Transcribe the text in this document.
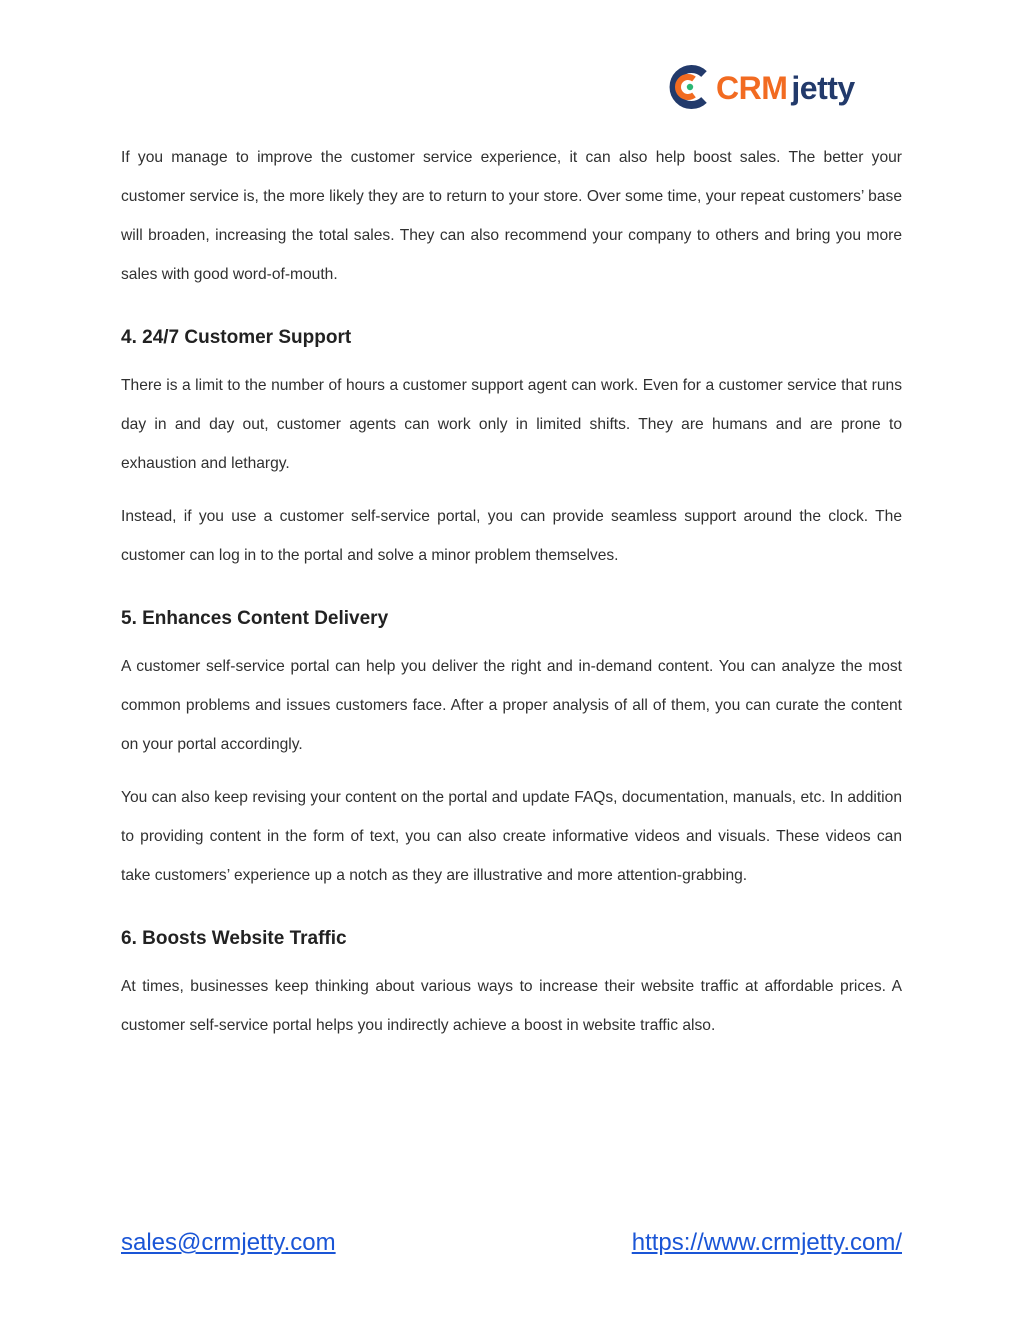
CRM jetty

If you manage to improve the customer service experience, it can also help boost sales. The better your customer service is, the more likely they are to return to your store. Over some time, your repeat customers’ base will broaden, increasing the total sales. They can also recommend your company to others and bring you more sales with good word-of-mouth.

4. 24/7 Customer Support

There is a limit to the number of hours a customer support agent can work. Even for a customer service that runs day in and day out, customer agents can work only in limited shifts. They are humans and are prone to exhaustion and lethargy.

Instead, if you use a customer self-service portal, you can provide seamless support around the clock. The customer can log in to the portal and solve a minor problem themselves.

5. Enhances Content Delivery

A customer self-service portal can help you deliver the right and in-demand content. You can analyze the most common problems and issues customers face. After a proper analysis of all of them, you can curate the content on your portal accordingly.

You can also keep revising your content on the portal and update FAQs, documentation, manuals, etc. In addition to providing content in the form of text, you can also create informative videos and visuals. These videos can take customers’ experience up a notch as they are illustrative and more attention-grabbing.

6. Boosts Website Traffic

At times, businesses keep thinking about various ways to increase their website traffic at affordable prices. A customer self-service portal helps you indirectly achieve a boost in website traffic also.

sales@crmjetty.com	https://www.crmjetty.com/
